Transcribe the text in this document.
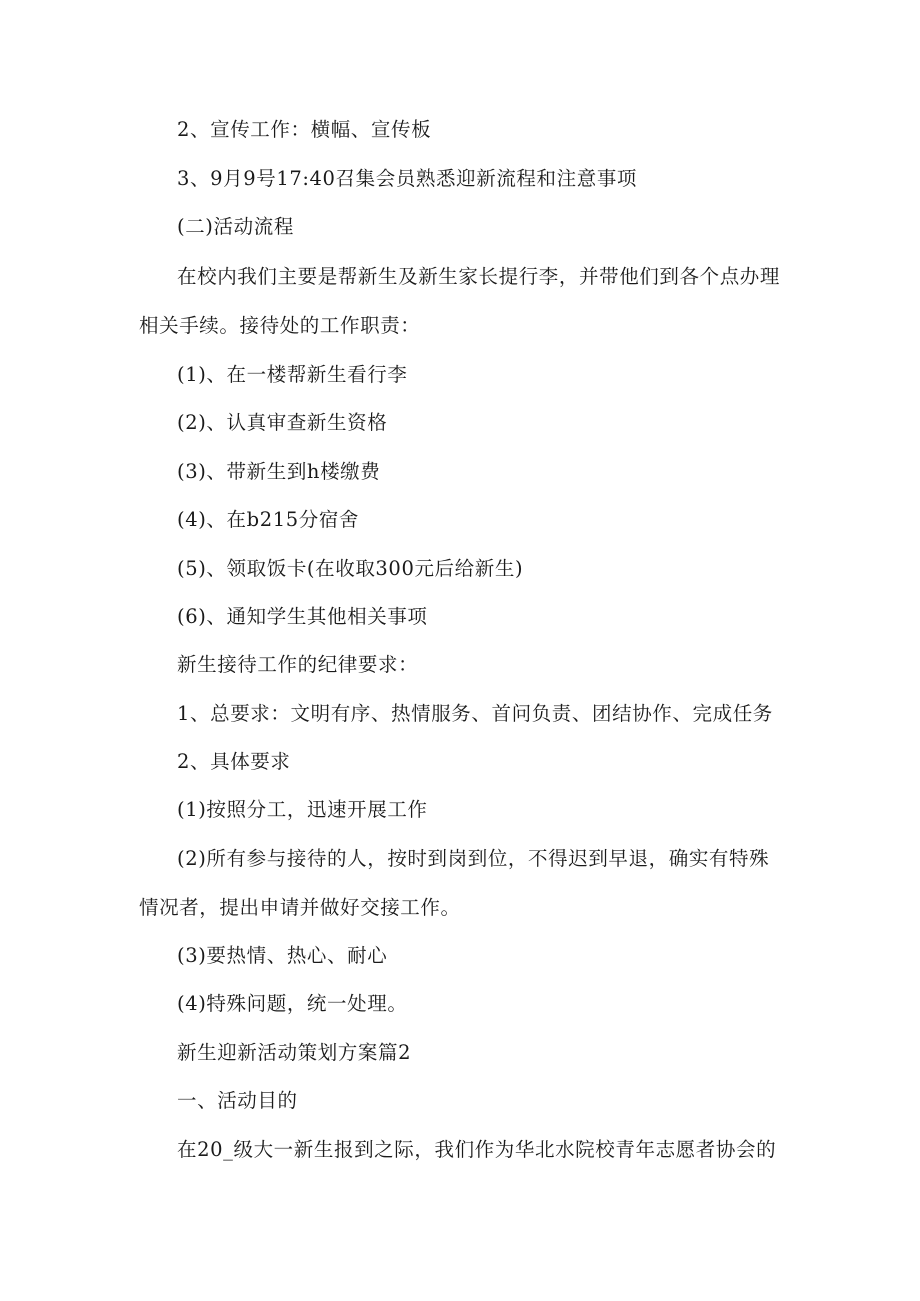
2、宣传工作：横幅、宣传板

3、9月9号17:40召集会员熟悉迎新流程和注意事项

(二)活动流程

在校内我们主要是帮新生及新生家长提行李，并带他们到各个点办理

相关手续。接待处的工作职责：

(1)、在一楼帮新生看行李

(2)、认真审查新生资格

(3)、带新生到h楼缴费

(4)、在b215分宿舍

(5)、领取饭卡(在收取300元后给新生)

(6)、通知学生其他相关事项

新生接待工作的纪律要求：

1、总要求：文明有序、热情服务、首问负责、团结协作、完成任务

2、具体要求

(1)按照分工，迅速开展工作

(2)所有参与接待的人，按时到岗到位，不得迟到早退，确实有特殊

情况者，提出申请并做好交接工作。

(3)要热情、热心、耐心

(4)特殊问题，统一处理。

新生迎新活动策划方案篇2

一、活动目的

在20_级大一新生报到之际，我们作为华北水院校青年志愿者协会的
